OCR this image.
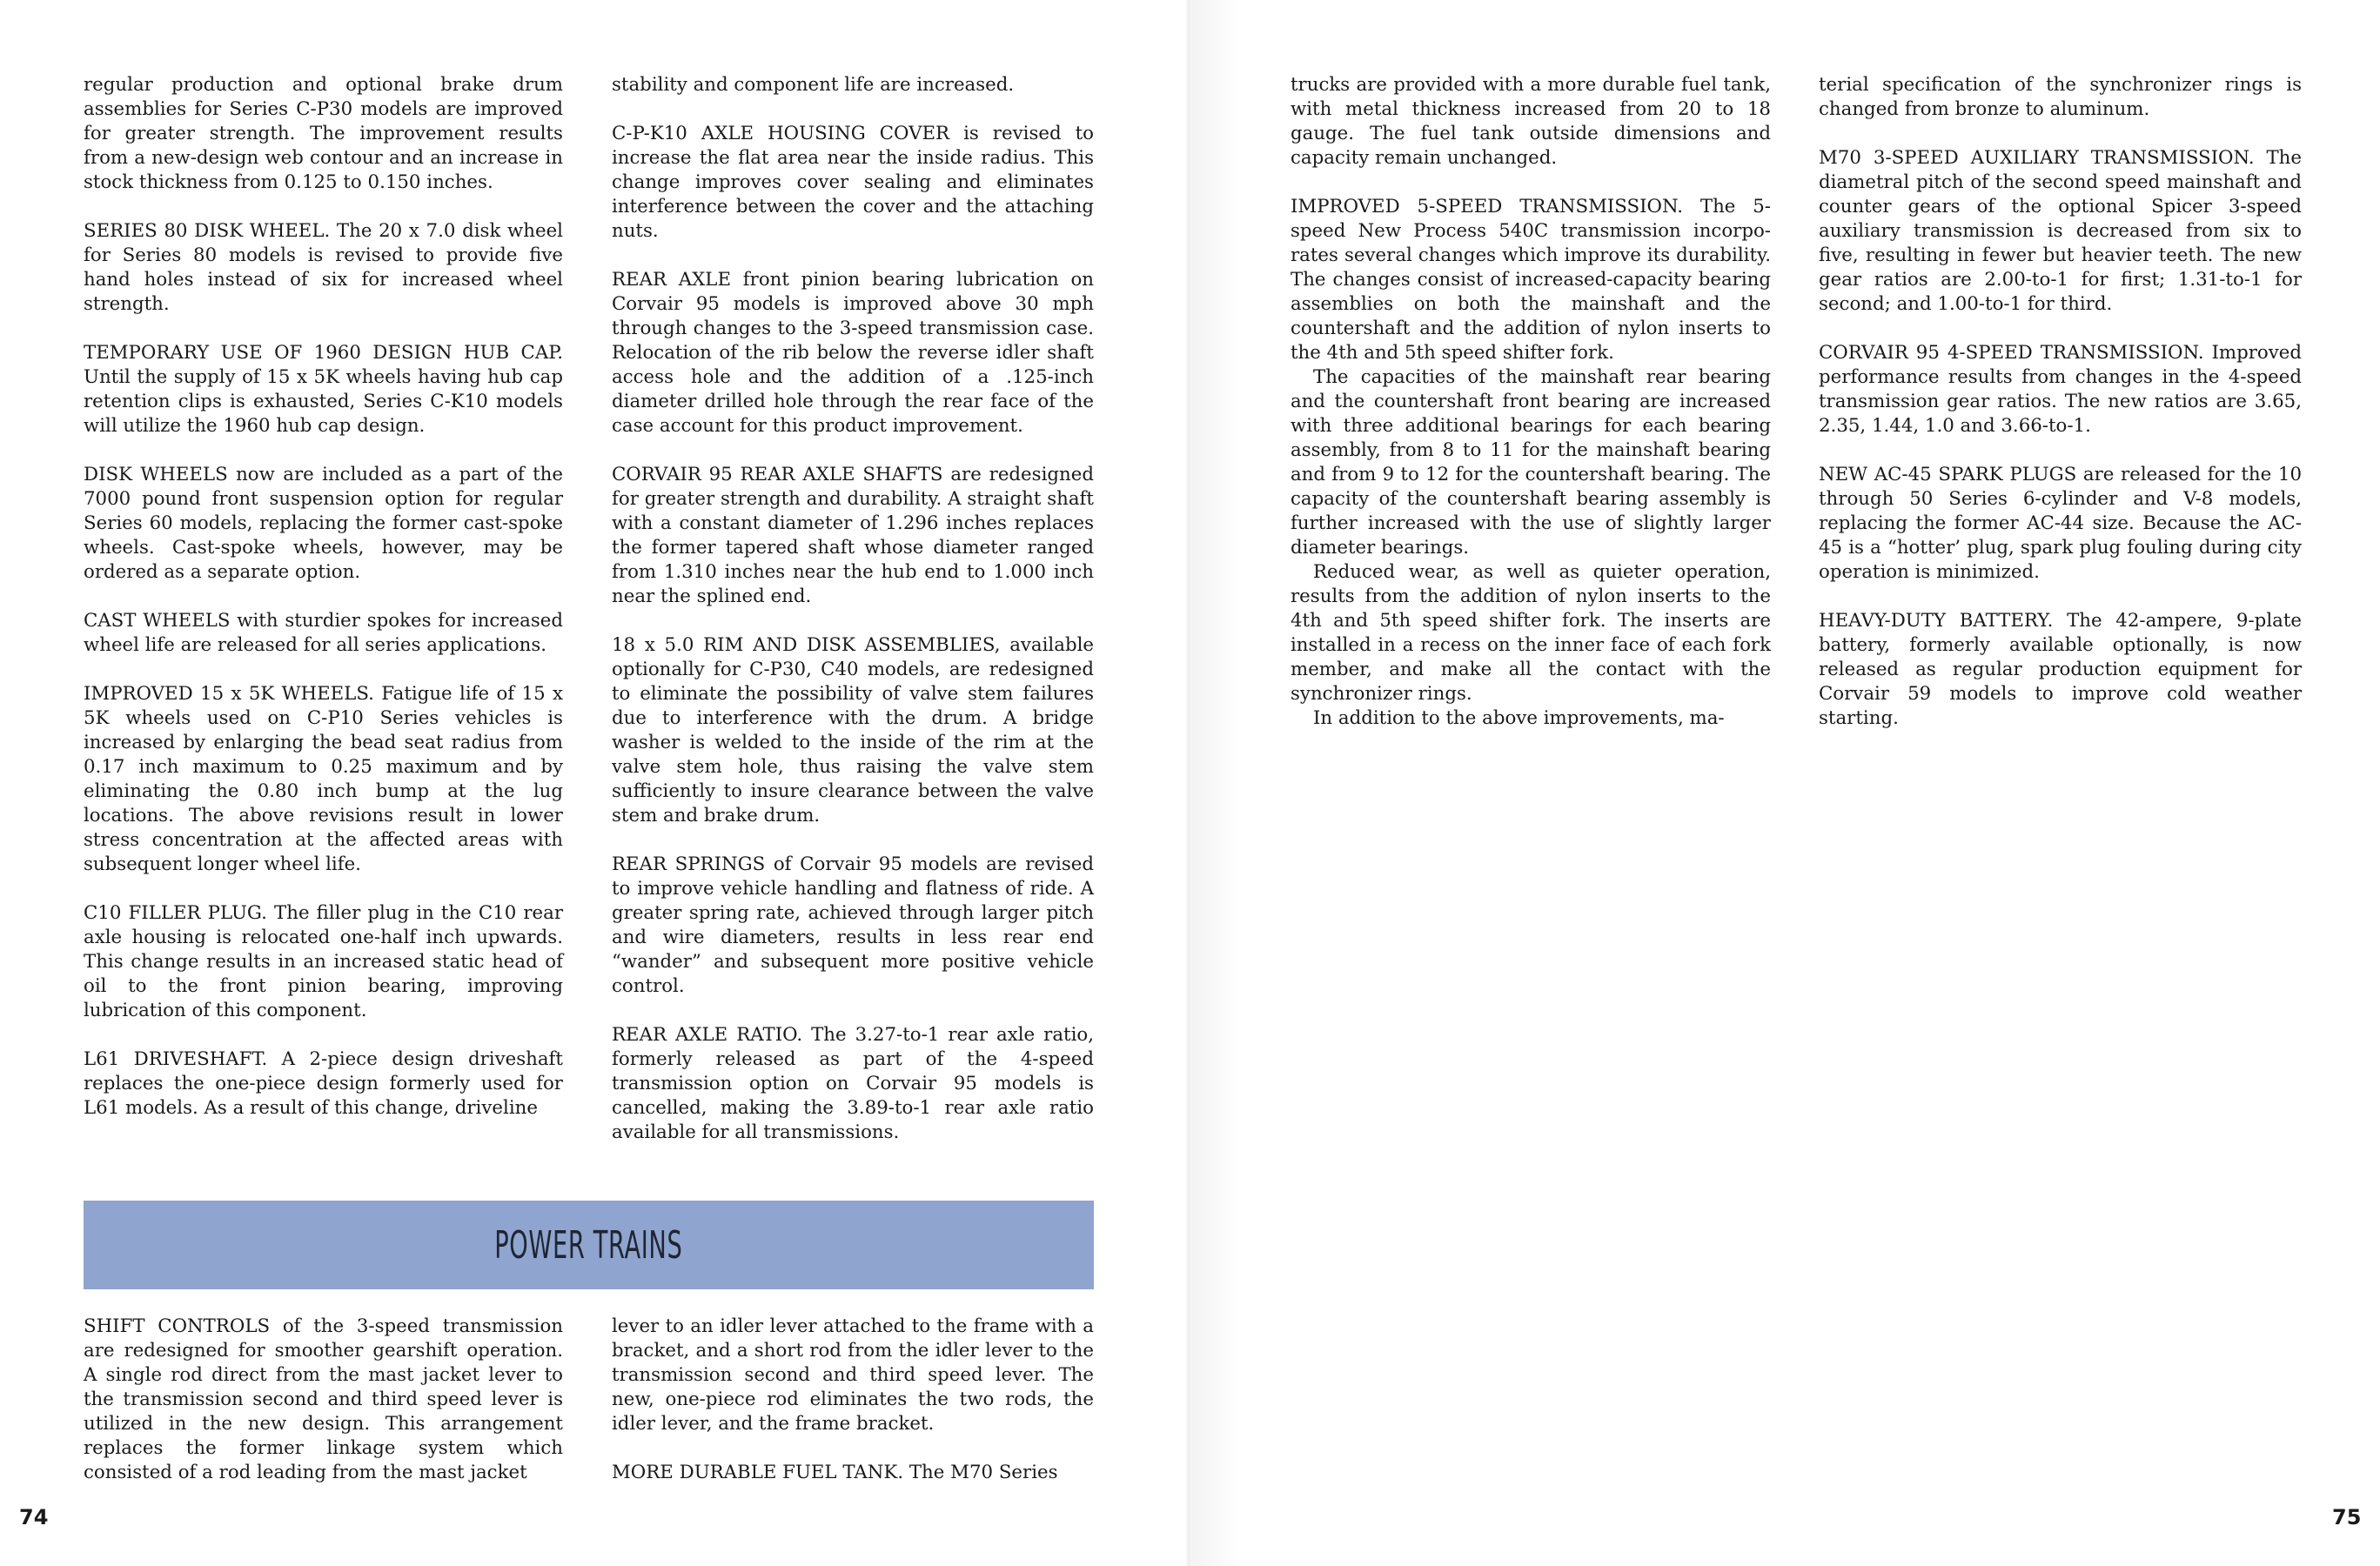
regular production and optional brake drum assemblies for Series C-P30 models are improved for greater strength. The improvement results from a new-design web contour and an increase in stock thickness from 0.125 to 0.150 inches.

SERIES 80 DISK WHEEL. The 20 x 7.0 disk wheel for Series 80 models is revised to provide five hand holes instead of six for increased wheel strength.

TEMPORARY USE OF 1960 DESIGN HUB CAP. Until the supply of 15 x 5K wheels having hub cap retention clips is exhausted, Series C-K10 models will utilize the 1960 hub cap design.

DISK WHEELS now are included as a part of the 7000 pound front suspension option for regular Series 60 models, replacing the former cast-spoke wheels. Cast-spoke wheels, however, may be ordered as a separate option.

CAST WHEELS with sturdier spokes for increased wheel life are released for all series applications.

IMPROVED 15 x 5K WHEELS. Fatigue life of 15 x 5K wheels used on C-P10 Series vehicles is increased by enlarging the bead seat radius from 0.17 inch maximum to 0.25 maximum and by eliminating the 0.80 inch bump at the lug locations. The above revisions result in lower stress concentration at the affected areas with subsequent longer wheel life.

C10 FILLER PLUG. The filler plug in the C10 rear axle housing is relocated one-half inch upwards. This change results in an increased static head of oil to the front pinion bearing, improving lubrication of this component.

L61 DRIVESHAFT. A 2-piece design driveshaft replaces the one-piece design formerly used for L61 models. As a result of this change, driveline

stability and component life are increased.

C-P-K10 AXLE HOUSING COVER is revised to increase the flat area near the inside radius. This change improves cover sealing and eliminates interference between the cover and the attaching nuts.

REAR AXLE front pinion bearing lubrication on Corvair 95 models is improved above 30 mph through changes to the 3-speed transmission case. Relocation of the rib below the reverse idler shaft access hole and the addition of a .125-inch diameter drilled hole through the rear face of the case account for this product improvement.

CORVAIR 95 REAR AXLE SHAFTS are redesigned for greater strength and durability. A straight shaft with a constant diameter of 1.296 inches replaces the former tapered shaft whose diameter ranged from 1.310 inches near the hub end to 1.000 inch near the splined end.

18 x 5.0 RIM AND DISK ASSEMBLIES, available optionally for C-P30, C40 models, are redesigned to eliminate the possibility of valve stem failures due to interference with the drum. A bridge washer is welded to the inside of the rim at the valve stem hole, thus raising the valve stem sufficiently to insure clearance between the valve stem and brake drum.

REAR SPRINGS of Corvair 95 models are revised to improve vehicle handling and flatness of ride. A greater spring rate, achieved through larger pitch and wire diameters, results in less rear end “wander” and subsequent more positive vehicle control.

REAR AXLE RATIO. The 3.27-to-1 rear axle ratio, formerly released as part of the 4-speed transmission option on Corvair 95 models is cancelled, making the 3.89-to-1 rear axle ratio available for all transmissions.

POWER TRAINS

SHIFT CONTROLS of the 3-speed transmission are redesigned for smoother gearshift operation. A single rod direct from the mast jacket lever to the transmission second and third speed lever is utilized in the new design. This arrangement replaces the former linkage system which consisted of a rod leading from the mast jacket

lever to an idler lever attached to the frame with a bracket, and a short rod from the idler lever to the transmission second and third speed lever. The new, one-piece rod eliminates the two rods, the idler lever, and the frame bracket.

MORE DURABLE FUEL TANK. The M70 Series

74

trucks are provided with a more durable fuel tank, with metal thickness increased from 20 to 18 gauge. The fuel tank outside dimensions and capacity remain unchanged.

IMPROVED 5-SPEED TRANSMISSION. The 5-speed New Process 540C transmission incorporates several changes which improve its durability. The changes consist of increased-capacity bearing assemblies on both the mainshaft and the countershaft and the addition of nylon inserts to the 4th and 5th speed shifter fork.

The capacities of the mainshaft rear bearing and the countershaft front bearing are increased with three additional bearings for each bearing assembly, from 8 to 11 for the mainshaft bearing and from 9 to 12 for the countershaft bearing. The capacity of the countershaft bearing assembly is further increased with the use of slightly larger diameter bearings.

Reduced wear, as well as quieter operation, results from the addition of nylon inserts to the 4th and 5th speed shifter fork. The inserts are installed in a recess on the inner face of each fork member, and make all the contact with the synchronizer rings.

In addition to the above improvements, ma-

terial specification of the synchronizer rings is changed from bronze to aluminum.

M70 3-SPEED AUXILIARY TRANSMISSION. The diametral pitch of the second speed mainshaft and counter gears of the optional Spicer 3-speed auxiliary transmission is decreased from six to five, resulting in fewer but heavier teeth. The new gear ratios are 2.00-to-1 for first; 1.31-to-1 for second; and 1.00-to-1 for third.

CORVAIR 95 4-SPEED TRANSMISSION. Improved performance results from changes in the 4-speed transmission gear ratios. The new ratios are 3.65, 2.35, 1.44, 1.0 and 3.66-to-1.

NEW AC-45 SPARK PLUGS are released for the 10 through 50 Series 6-cylinder and V-8 models, replacing the former AC-44 size. Because the AC-45 is a “hotter’ plug, spark plug fouling during city operation is minimized.

HEAVY-DUTY BATTERY. The 42-ampere, 9-plate battery, formerly available optionally, is now released as regular production equipment for Corvair 59 models to improve cold weather starting.

75
